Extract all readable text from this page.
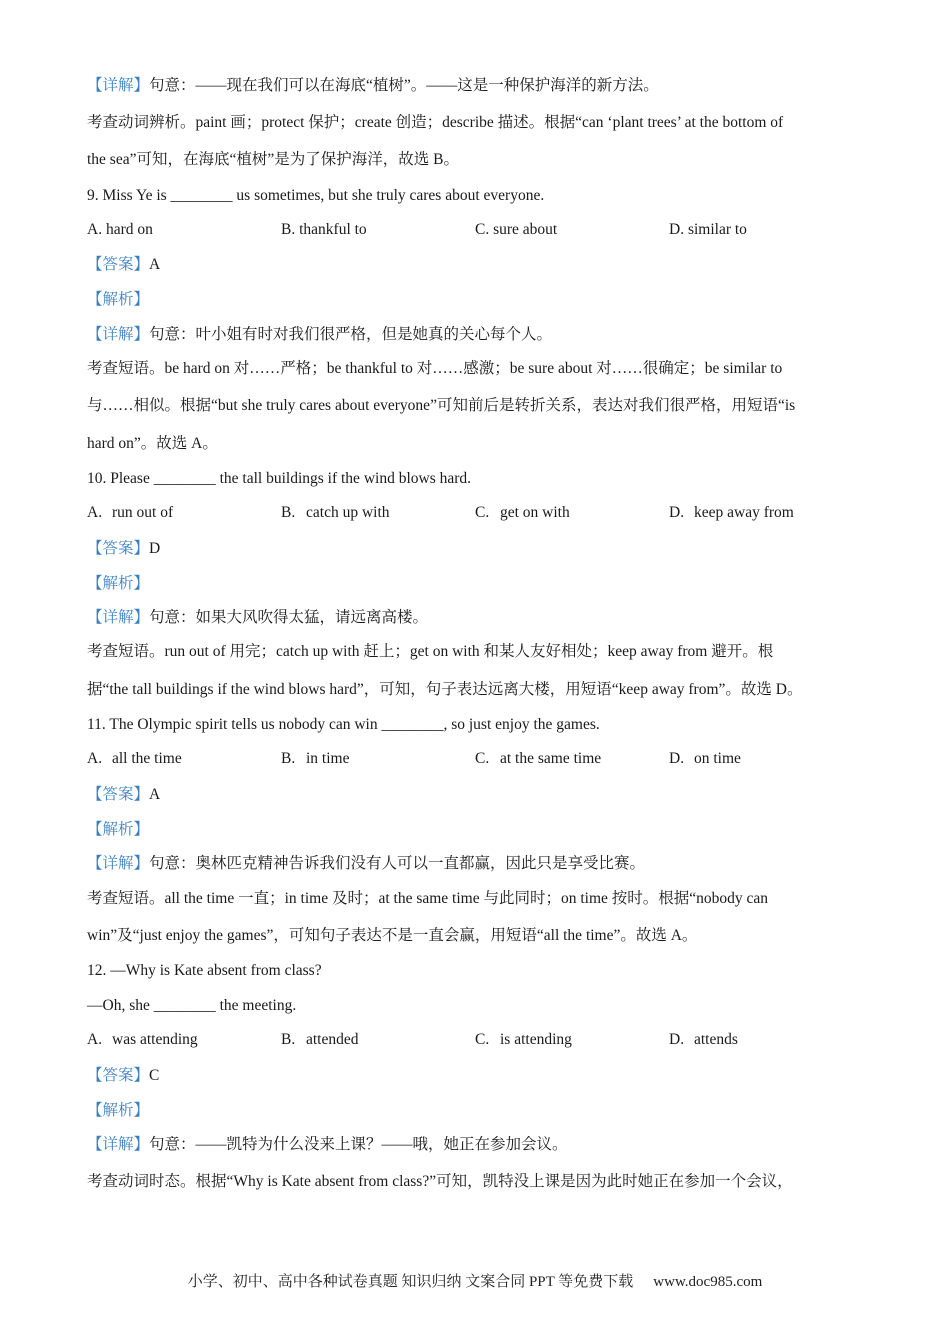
【详解】句意：——现在我们可以在海底“植树”。——这是一种保护海洋的新方法。
考查动词辨析。paint 画；protect 保护；create 创造；describe 描述。根据“can ‘plant trees’ at the bottom of
the sea”可知，在海底“植树”是为了保护海洋，故选 B。
9. Miss Ye is ________ us sometimes, but she truly cares about everyone.
A. hard on	B. thankful to	C. sure about	D. similar to
【答案】A
【解析】
【详解】句意：叶小姐有时对我们很严格，但是她真的关心每个人。
考查短语。be hard on 对……严格；be thankful to 对……感激；be sure about 对……很确定；be similar to
与……相似。根据“but she truly cares about everyone”可知前后是转折关系，表达对我们很严格，用短语“is
hard on”。故选 A。
10. Please ________ the tall buildings if the wind blows hard.
A. run out of	B. catch up with	C. get on with	D. keep away from
【答案】D
【解析】
【详解】句意：如果大风吹得太猛，请远离高楼。
考查短语。run out of 用完；catch up with 赶上；get on with 和某人友好相处；keep away from 避开。根
据“the tall buildings if the wind blows hard”，可知，句子表达远离大楼，用短语“keep away from”。故选 D。
11. The Olympic spirit tells us nobody can win ________, so just enjoy the games.
A. all the time	B. in time	C. at the same time	D. on time
【答案】A
【解析】
【详解】句意：奥林匹克精神告诉我们没有人可以一直都赢，因此只是享受比赛。
考查短语。all the time 一直；in time 及时；at the same time 与此同时；on time 按时。根据“nobody can
win”及“just enjoy the games”，可知句子表达不是一直会赢，用短语“all the time”。故选 A。
12. —Why is Kate absent from class?
—Oh, she ________ the meeting.
A. was attending	B. attended	C. is attending	D. attends
【答案】C
【解析】
【详解】句意：——凯特为什么没来上课？——哦，她正在参加会议。
考查动词时态。根据“Why is Kate absent from class?”可知，凯特没上课是因为此时她正在参加一个会议，
小学、初中、高中各种试卷真题 知识归纳 文案合同 PPT 等免费下载 www.doc985.com
